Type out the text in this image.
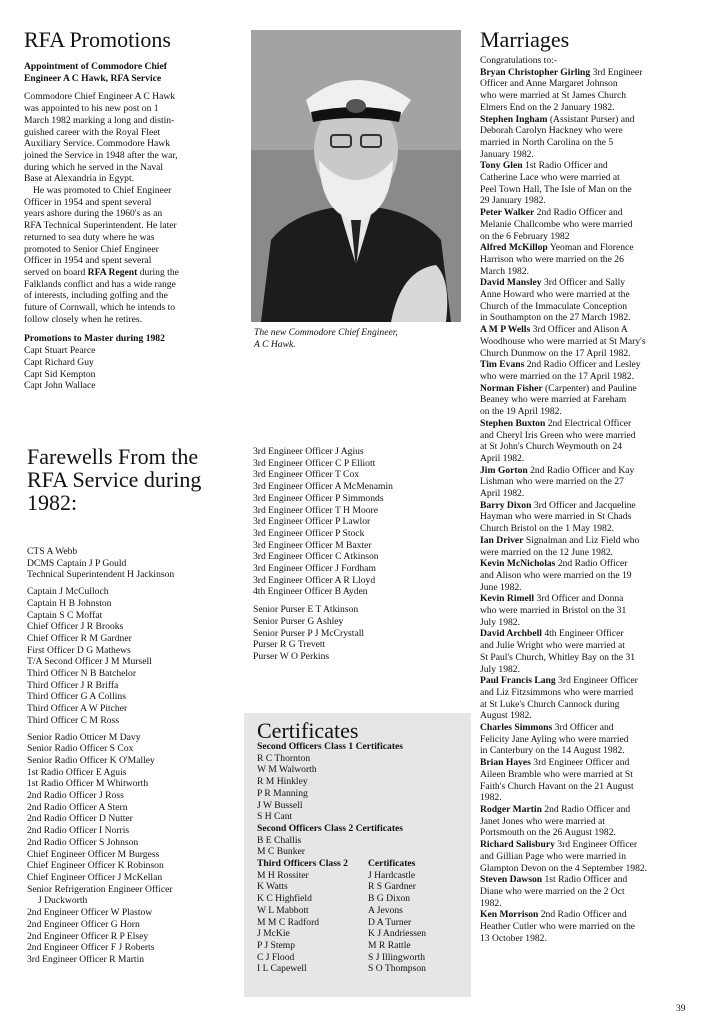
RFA Promotions
Appointment of Commodore Chief
Engineer A C Hawk, RFA Service
Commodore Chief Engineer A C Hawk
was appointed to his new post on 1
March 1982 marking a long and distin-
guished career with the Royal Fleet
Auxiliary Service. Commodore Hawk
joined the Service in 1948 after the war,
during which he served in the Naval
Base at Alexandria in Egypt.
He was promoted to Chief Engineer
Officer in 1954 and spent several
years ashore during the 1960's as an
RFA Technical Superintendent. He later
returned to sea duty where he was
promoted to Senior Chief Engineer
Officer in 1954 and spent several
served on board RFA Regent during the
Falklands conflict and has a wide range
of interests, including golfing and the
future of Cornwall, which he intends to
follow closely when he retires.
Promotions to Master during 1982
Capt Stuart Pearce
Capt Richard Guy
Capt Sid Kempton
Capt John Wallace
The new Commodore Chief Engineer,
A C Hawk.
Farewells From the
RFA Service during
1982:
CTS A Webb
DCMS Captain J P Gould
Technical Superintendent H Jackinson
Captain J McCulloch
Captain H B Johnston
Captain S C Moffat
Chief Officer J R Brooks
Chief Officer R M Gardner
First Officer D G Mathews
T/A Second Officer J M Mursell
Third Officer N B Batchelor
Third Officer J R Briffa
Third Officer G A Collins
Third Officer A W Pitcher
Third Officer C M Ross
Senior Radio Otticer M Davy
Senior Radio Officer S Cox
Senior Radio Officer K O'Malley
1st Radio Officer E Aguis
1st Radio Officer M Whitworth
2nd Radio Officer J Ross
2nd Radio Officer A Stern
2nd Radio Officer D Nutter
2nd Radio Officer I Norris
2nd Radio Officer S Johnson
Chief Engineer Officer M Burgess
Chief Engineer Officer K Robinson
Chief Engineer Officer J McKellan
Senior Refrigeration Engineer Officer
J Duckworth
2nd Engineer Officer W Plastow
2nd Engineer Officer G Horn
2nd Engineer Officer R P Elsey
2nd Engineer Officer F J Roberts
3rd Engineer Officer R Martin
3rd Engineer Officer J Agius
3rd Engineer Officer C P Elliott
3rd Engineer Officer T Cox
3rd Engineer Officer A McMenamin
3rd Engineer Officer P Simmonds
3rd Engineer Officer T H Moore
3rd Engineer Officer P Lawlor
3rd Engineer Officer P Stock
3rd Engineer Officer M Baxter
3rd Engineer Officer C Atkinson
3rd Engineer Officer J Fordham
3rd Engineer Officer A R Lloyd
4th Engineer Officer B Ayden
Senior Purser E T Atkinson
Senior Purser G Ashley
Senior Purser P J McCrystall
Purser R G Trevett
Purser W O Perkins
Certificates
Second Officers Class 1 Certificates
R C Thornton
W M Walworth
R M Hinkley
P R Manning
J W Bussell
S H Cant
Second Officers Class 2 Certificates
B E Challis
M C Bunker
Third Officers Class 2	Certificates
M H Rossiter	J Hardcastle
K Watts	R S Gardner
K C Highfield	B G Dixon
W L Mabbott	A Jevons
M M C Radford	D A Turner
J McKie	K J Andriessen
P J Stemp	M R Rattle
C J Flood	S J Illingworth
I L Capewell	S O Thompson
Marriages
Congratulations to:-
Bryan Christopher Girling 3rd Engineer
Officer and Anne Margaret Johnson
who were married at St James Church
Elmers End on the 2 January 1982.
Stephen Ingham (Assistant Purser) and
Deborah Carolyn Hackney who were
married in North Carolina on the 5
January 1982.
Tony Glen 1st Radio Officer and
Catherine Lace who were married at
Peel Town Hall, The Isle of Man on the
29 January 1982.
Peter Walker 2nd Radio Officer and
Melanie Challcombe who were married
on the 6 February 1982
Alfred McKillop Yeoman and Florence
Harrison who were married on the 26
March 1982.
David Mansley 3rd Officer and Sally
Anne Howard who were married at the
Church of the Immaculate Conception
in Southampton on the 27 March 1982.
A M P Wells 3rd Officer and Alison A
Woodhouse who were married at St Mary's
Church Dunmow on the 17 April 1982.
Tim Evans 2nd Radio Officer and Lesley
who were married on the 17 April 1982.
Norman Fisher (Carpenter) and Pauline
Beaney who were married at Fareham
on the 19 April 1982.
Stephen Buxton 2nd Electrical Officer
and Cheryl Iris Green who were married
at St John's Church Weymouth on 24
April 1982.
Jim Gorton 2nd Radio Officer and Kay
Lishman who were married on the 27
April 1982.
Barry Dixon 3rd Officer and Jacqueline
Hayman who were married in St Chads
Church Bristol on the 1 May 1982.
Ian Driver Signalman and Liz Field who
were married on the 12 June 1982.
Kevin McNicholas 2nd Radio Officer
and Alison who were married on the 19
June 1982.
Kevin Rimell 3rd Officer and Donna
who were married in Bristol on the 31
July 1982.
David Archbell 4th Engineer Officer
and Julie Wright who were married at
St Paul's Church, Whitley Bay on the 31
July 1982.
Paul Francis Lang 3rd Engineer Officer
and Liz Fitzsimmons who were married
at St Luke's Church Cannock during
August 1982.
Charles Simmons 3rd Officer and
Felicity Jane Ayling who were married
in Canterbury on the 14 August 1982.
Brian Hayes 3rd Engineer Officer and
Aileen Bramble who were married at St
Faith's Church Havant on the 21 August
1982.
Rodger Martin 2nd Radio Officer and
Janet Jones who were married at
Portsmouth on the 26 August 1982.
Richard Salisbury 3rd Engineer Officer
and Gillian Page who were married in
Glampton Devon on the 4 September 1982.
Steven Dawson 1st Radio Officer and
Diane who were married on the 2 Oct
1982.
Ken Morrison 2nd Radio Officer and
Heather Cutler who were married on the
13 October 1982.
39
